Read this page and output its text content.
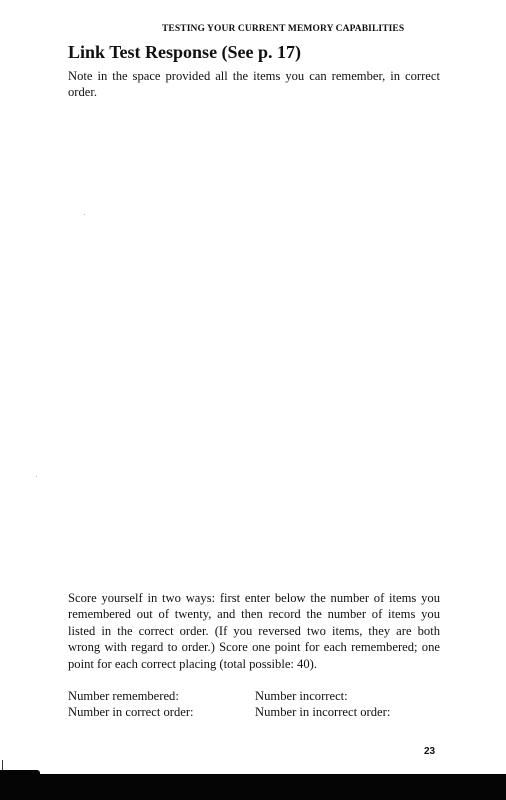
TESTING YOUR CURRENT MEMORY CAPABILITIES
Link Test Response (See p. 17)
Note in the space provided all the items you can remember, in correct order.
Score yourself in two ways: first enter below the number of items you remembered out of twenty, and then record the number of items you listed in the correct order. (If you reversed two items, they are both wrong with regard to order.) Score one point for each remembered; one point for each correct placing (total possible: 40).
Number remembered:	Number incorrect:
Number in correct order:	Number in incorrect order:
23
